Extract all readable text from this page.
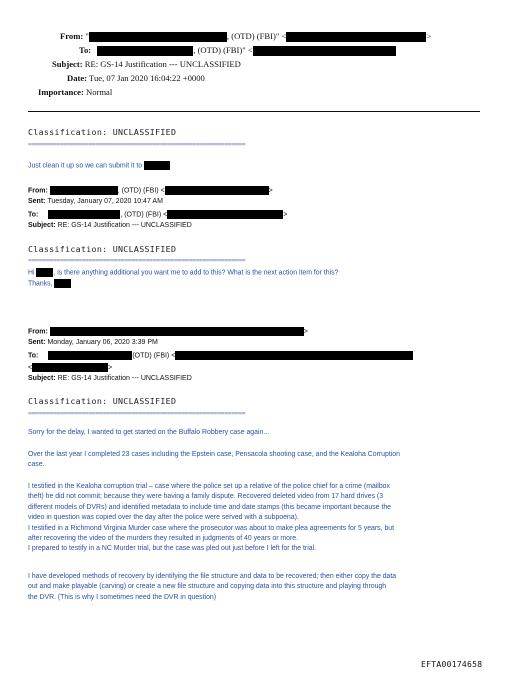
From: "	, (OTD) (FBI)" <	>
To:	, (OTD) (FBI)" <
Subject: RE: GS-14 Justification --- UNCLASSIFIED
Date: Tue, 07 Jan 2020 16:04:22 +0000
Importance: Normal
Classification: UNCLASSIFIED
=============================================================
Just clean it up so we can submit it to
From:	, (OTD) (FBI) <	>
Sent: Tuesday, January 07, 2020 10:47 AM
To:	, (OTD) (FBI) <	>
Subject: RE: GS-14 Justification --- UNCLASSIFIED
Classification: UNCLASSIFIED
=============================================================
Hi	, is there anything additional you want me to add to this? What is the next action item for this?
Thanks,
From:	>
Sent: Monday, January 06, 2020 3:39 PM
To:	(OTD) (FBI) <
<	>
Subject: RE: GS-14 Justification --- UNCLASSIFIED
Classification: UNCLASSIFIED
=============================================================
Sorry for the delay, I wanted to get started on the Buffalo Robbery case again...
Over the last year I completed 23 cases including the Epstein case, Pensacola shooting case, and the Kealoha Corruption
case.
I testified in the Kealoha corruption trial – case where the police set up a relative of the police chief for a crime (mailbox
theft) he did not commit; because they were having a family dispute. Recovered deleted video from 17 hard drives (3
different models of DVRs) and identified metadata to include time and date stamps (this became important because the
video in question was copied over the day after the police were served with a subpoena).
I testified in a Richmond Virginia Murder case where the prosecutor was about to make plea agreements for 5 years, but
after recovering the video of the murders they resulted in judgments of 40 years or more.
I prepared to testify in a NC Murder trial, but the case was pled out just before I left for the trial.
I have developed methods of recovery by identifying the file structure and data to be recovered; then either copy the data
out and make playable (carving) or create a new file structure and copying data into this structure and playing through
the DVR. (This is why I sometimes need the DVR in question)
EFTA00174658
